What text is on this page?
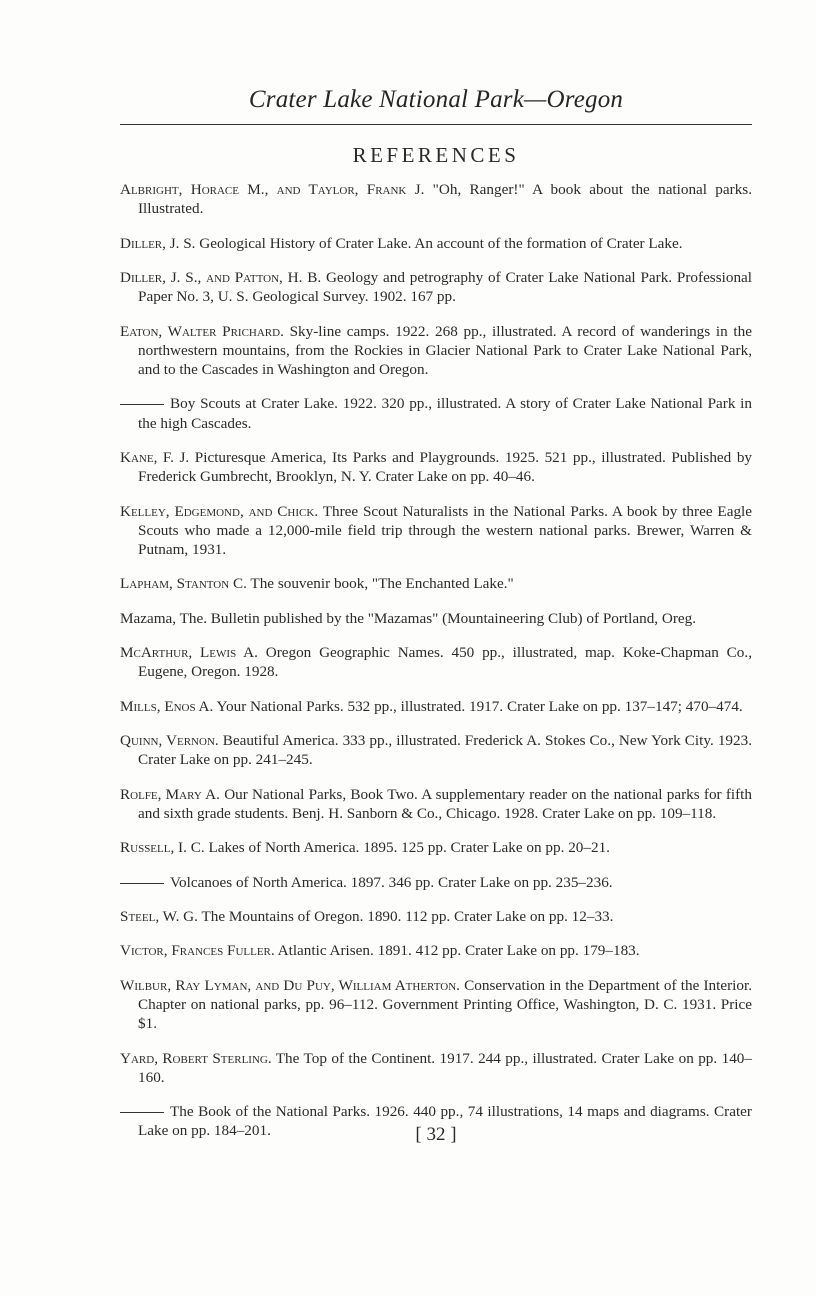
Crater Lake National Park—Oregon
REFERENCES

Albright, Horace M., and Taylor, Frank J. "Oh, Ranger!" A book about the national parks. Illustrated.

Diller, J. S. Geological History of Crater Lake. An account of the formation of Crater Lake.

Diller, J. S., and Patton, H. B. Geology and petrography of Crater Lake National Park. Professional Paper No. 3, U. S. Geological Survey. 1902. 167 pp.

Eaton, Walter Prichard. Sky-line camps. 1922. 268 pp., illustrated. A record of wanderings in the northwestern mountains, from the Rockies in Glacier National Park to Crater Lake National Park, and to the Cascades in Washington and Oregon.

Boy Scouts at Crater Lake. 1922. 320 pp., illustrated. A story of Crater Lake National Park in the high Cascades.

Kane, F. J. Picturesque America, Its Parks and Playgrounds. 1925. 521 pp., illustrated. Published by Frederick Gumbrecht, Brooklyn, N. Y. Crater Lake on pp. 40–46.

Kelley, Edgemond, and Chick. Three Scout Naturalists in the National Parks. A book by three Eagle Scouts who made a 12,000-mile field trip through the western national parks. Brewer, Warren & Putnam, 1931.

Lapham, Stanton C. The souvenir book, "The Enchanted Lake."

Mazama, The. Bulletin published by the "Mazamas" (Mountaineering Club) of Portland, Oreg.

McArthur, Lewis A. Oregon Geographic Names. 450 pp., illustrated, map. Koke-Chapman Co., Eugene, Oregon. 1928.

Mills, Enos A. Your National Parks. 532 pp., illustrated. 1917. Crater Lake on pp. 137–147; 470–474.

Quinn, Vernon. Beautiful America. 333 pp., illustrated. Frederick A. Stokes Co., New York City. 1923. Crater Lake on pp. 241–245.

Rolfe, Mary A. Our National Parks, Book Two. A supplementary reader on the national parks for fifth and sixth grade students. Benj. H. Sanborn & Co., Chicago. 1928. Crater Lake on pp. 109–118.

Russell, I. C. Lakes of North America. 1895. 125 pp. Crater Lake on pp. 20–21.

Volcanoes of North America. 1897. 346 pp. Crater Lake on pp. 235–236.

Steel, W. G. The Mountains of Oregon. 1890. 112 pp. Crater Lake on pp. 12–33.

Victor, Frances Fuller. Atlantic Arisen. 1891. 412 pp. Crater Lake on pp. 179–183.

Wilbur, Ray Lyman, and Du Puy, William Atherton. Conservation in the Department of the Interior. Chapter on national parks, pp. 96–112. Government Printing Office, Washington, D. C. 1931. Price $1.

Yard, Robert Sterling. The Top of the Continent. 1917. 244 pp., illustrated. Crater Lake on pp. 140–160.

The Book of the National Parks. 1926. 440 pp., 74 illustrations, 14 maps and diagrams. Crater Lake on pp. 184–201.	[ 32 ]
